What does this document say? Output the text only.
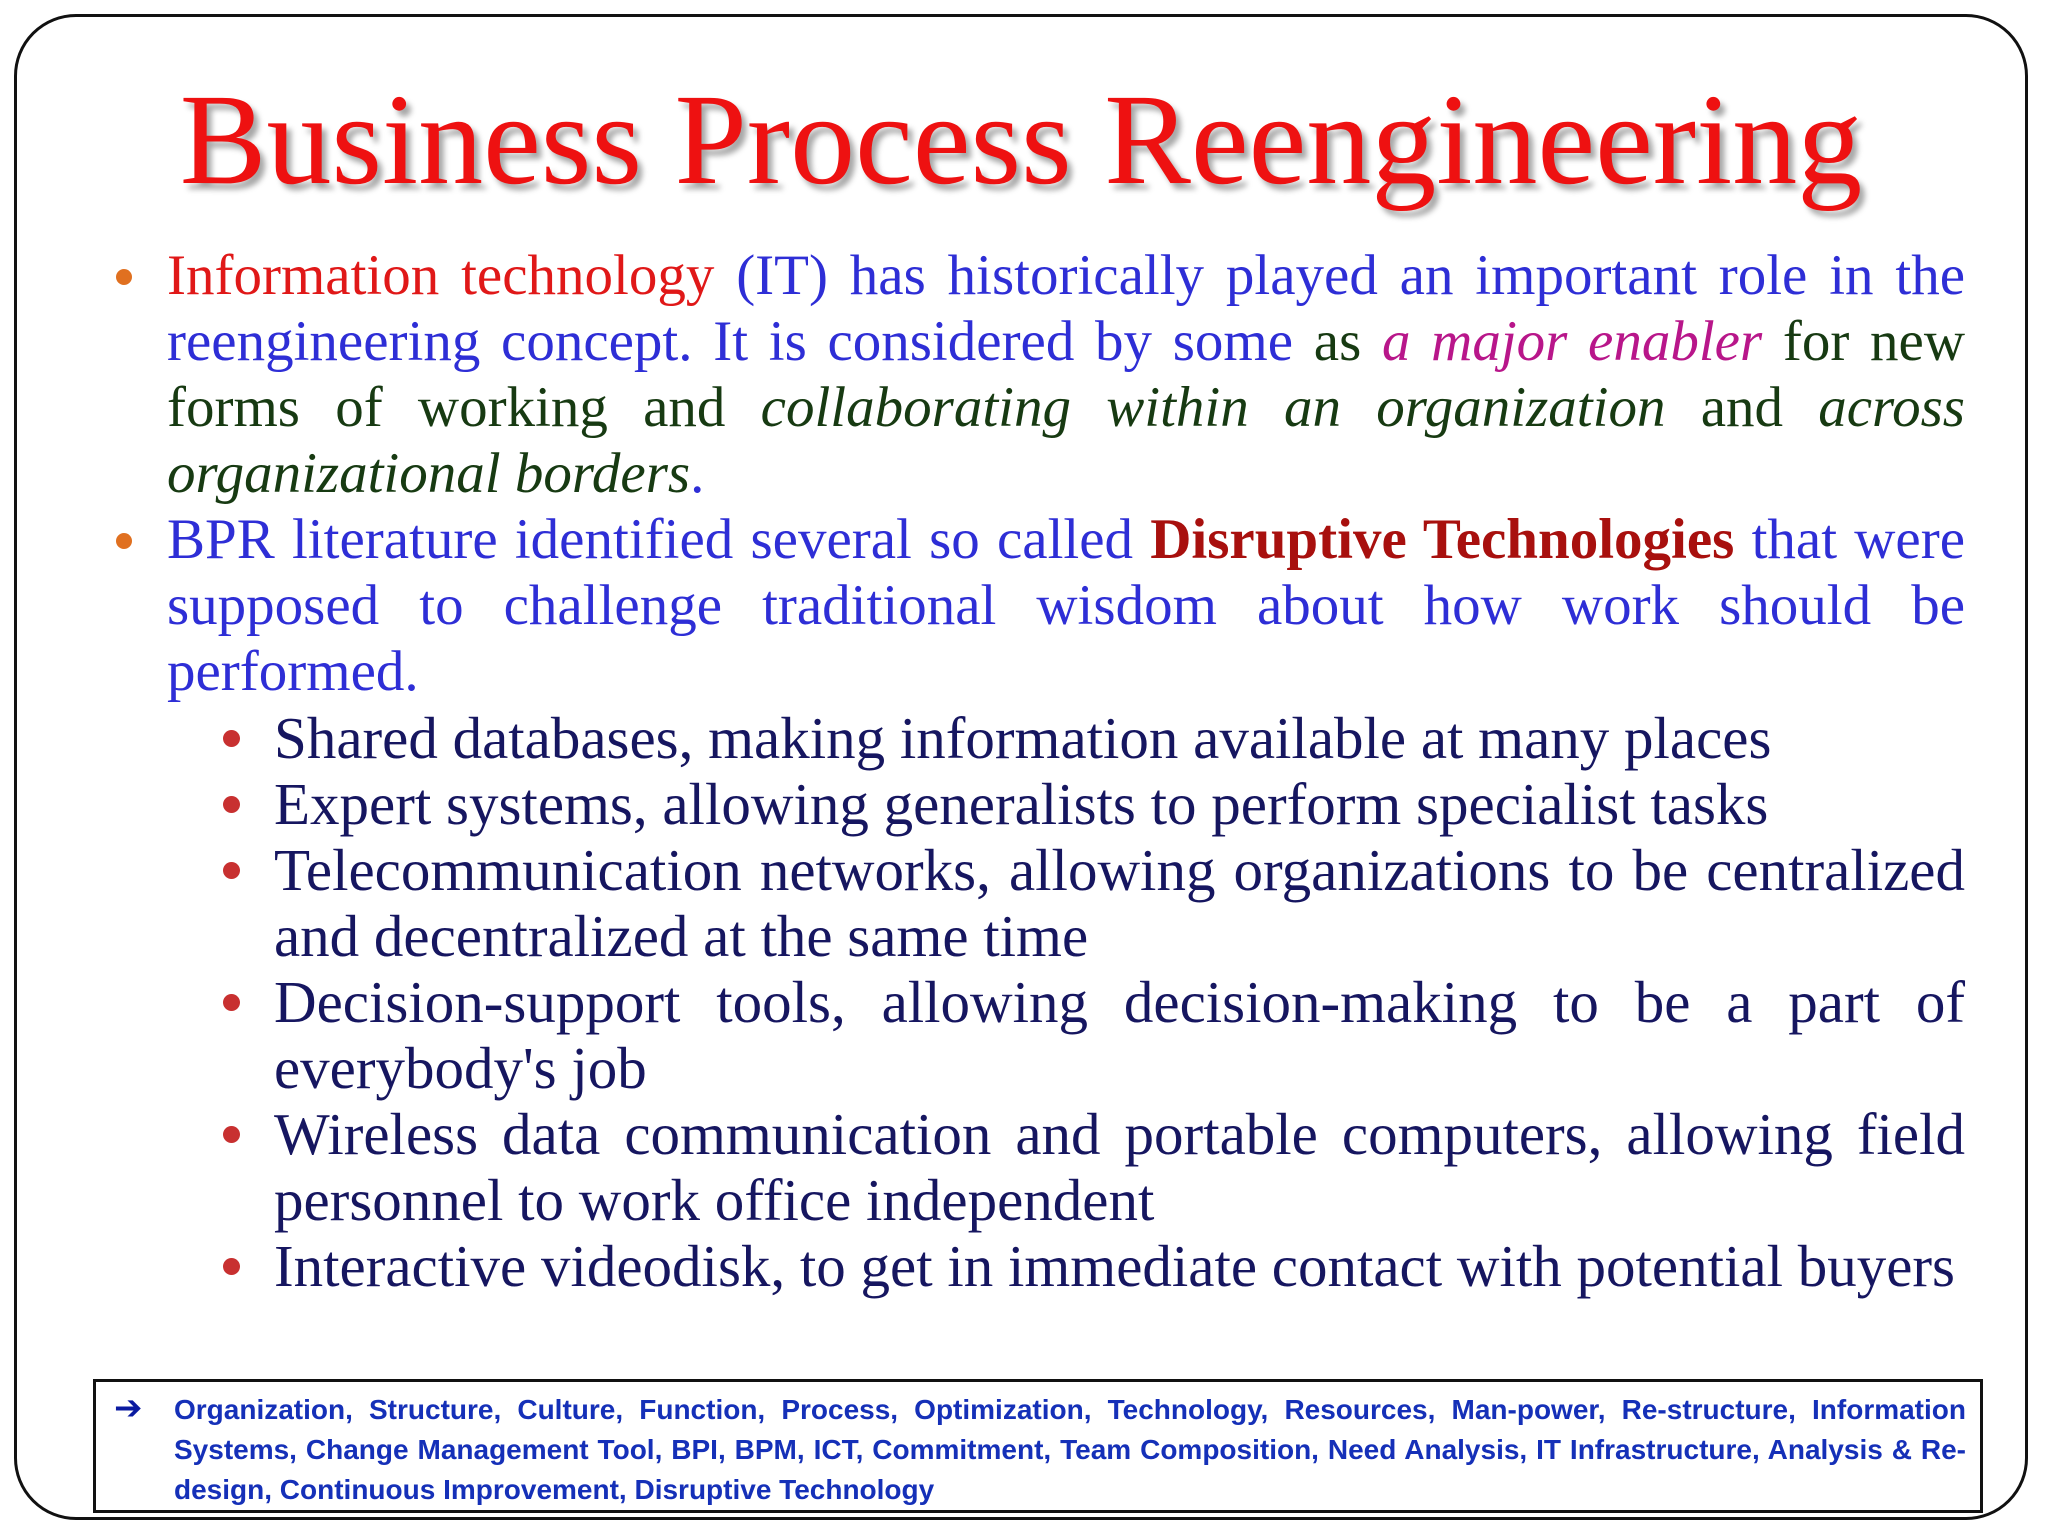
Business Process Reengineering

Information technology (IT) has historically played an important role in the reengineering concept. It is considered by some as a major enabler for new forms of working and collaborating within an organization and across organizational borders.

BPR literature identified several so called Disruptive Technologies that were supposed to challenge traditional wisdom about how work should be performed.

Shared databases, making information available at many places

Expert systems, allowing generalists to perform specialist tasks

Telecommunication networks, allowing organizations to be centralized and decentralized at the same time

Decision-support tools, allowing decision-making to be a part of everybody's job

Wireless data communication and portable computers, allowing field personnel to work office independent

Interactive videodisk, to get in immediate contact with potential buyers

➔ Organization, Structure, Culture, Function, Process, Optimization, Technology, Resources, Man-power, Re-structure, Information Systems, Change Management Tool, BPI, BPM, ICT, Commitment, Team Composition, Need Analysis, IT Infrastructure, Analysis & Re-design, Continuous Improvement, Disruptive Technology
